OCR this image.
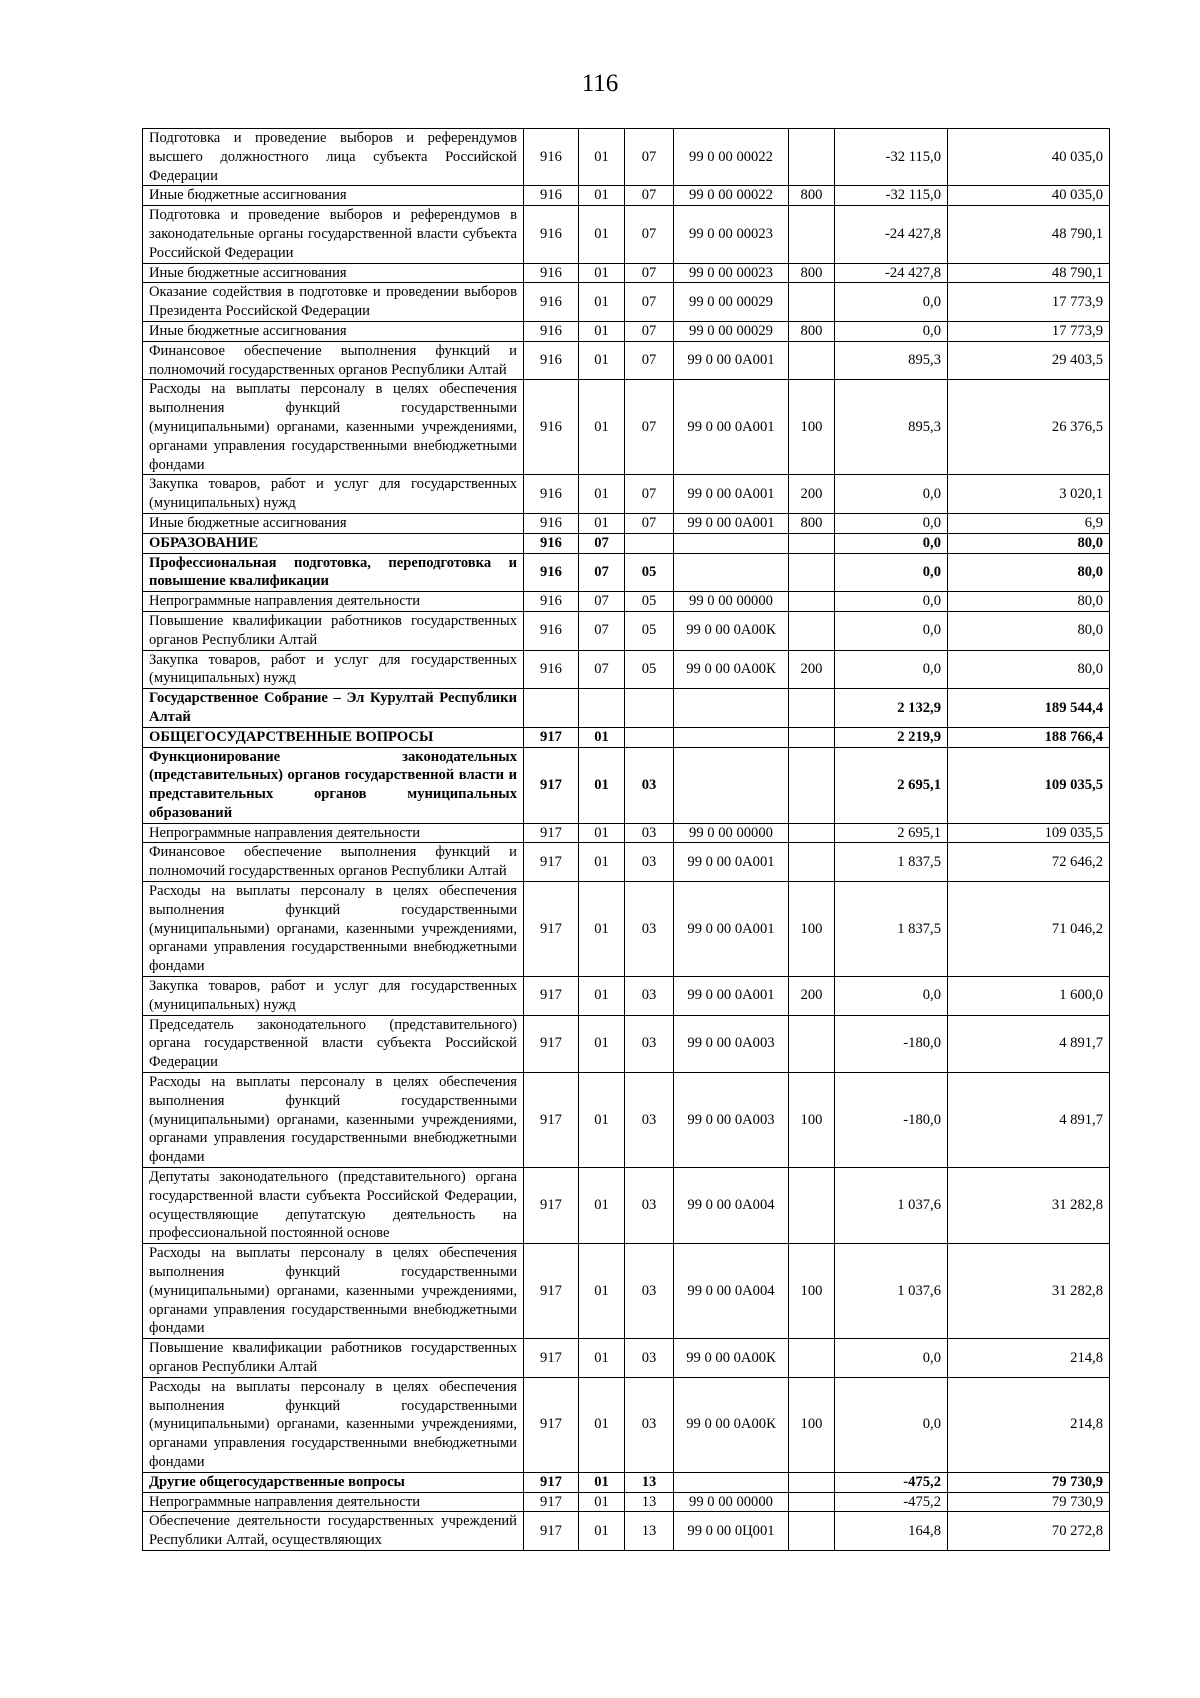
116
Подготовка и проведение выборов и референдумов высшего должностного лица субъекта Российской Федерации	916	01	07	99 0 00 00022		-32 115,0	40 035,0
Иные бюджетные ассигнования	916	01	07	99 0 00 00022	800	-32 115,0	40 035,0
Подготовка и проведение выборов и референдумов в законодательные органы государственной власти субъекта Российской Федерации	916	01	07	99 0 00 00023		-24 427,8	48 790,1
Иные бюджетные ассигнования	916	01	07	99 0 00 00023	800	-24 427,8	48 790,1
Оказание содействия в подготовке и проведении выборов Президента Российской Федерации	916	01	07	99 0 00 00029		0,0	17 773,9
Иные бюджетные ассигнования	916	01	07	99 0 00 00029	800	0,0	17 773,9
Финансовое обеспечение выполнения функций и полномочий государственных органов Республики Алтай	916	01	07	99 0 00 0А001		895,3	29 403,5
Расходы на выплаты персоналу в целях обеспечения выполнения функций государственными (муниципальными) органами, казенными учреждениями, органами управления государственными внебюджетными фондами	916	01	07	99 0 00 0А001	100	895,3	26 376,5
Закупка товаров, работ и услуг для государственных (муниципальных) нужд	916	01	07	99 0 00 0А001	200	0,0	3 020,1
Иные бюджетные ассигнования	916	01	07	99 0 00 0А001	800	0,0	6,9
ОБРАЗОВАНИЕ	916	07				0,0	80,0
Профессиональная подготовка, переподготовка и повышение квалификации	916	07	05			0,0	80,0
Непрограммные направления деятельности	916	07	05	99 0 00 00000		0,0	80,0
Повышение квалификации работников государственных органов Республики Алтай	916	07	05	99 0 00 0А00К		0,0	80,0
Закупка товаров, работ и услуг для государственных (муниципальных) нужд	916	07	05	99 0 00 0А00К	200	0,0	80,0
Государственное Собрание – Эл Курултай Республики Алтай						2 132,9	189 544,4
ОБЩЕГОСУДАРСТВЕННЫЕ ВОПРОСЫ	917	01				2 219,9	188 766,4
Функционирование законодательных (представительных) органов государственной власти и представительных органов муниципальных образований	917	01	03			2 695,1	109 035,5
Непрограммные направления деятельности	917	01	03	99 0 00 00000		2 695,1	109 035,5
Финансовое обеспечение выполнения функций и полномочий государственных органов Республики Алтай	917	01	03	99 0 00 0А001		1 837,5	72 646,2
Расходы на выплаты персоналу в целях обеспечения выполнения функций государственными (муниципальными) органами, казенными учреждениями, органами управления государственными внебюджетными фондами	917	01	03	99 0 00 0А001	100	1 837,5	71 046,2
Закупка товаров, работ и услуг для государственных (муниципальных) нужд	917	01	03	99 0 00 0А001	200	0,0	1 600,0
Председатель законодательного (представительного) органа государственной власти субъекта Российской Федерации	917	01	03	99 0 00 0А003		-180,0	4 891,7
Расходы на выплаты персоналу в целях обеспечения выполнения функций государственными (муниципальными) органами, казенными учреждениями, органами управления государственными внебюджетными фондами	917	01	03	99 0 00 0А003	100	-180,0	4 891,7
Депутаты законодательного (представительного) органа государственной власти субъекта Российской Федерации, осуществляющие депутатскую деятельность на профессиональной постоянной основе	917	01	03	99 0 00 0А004		1 037,6	31 282,8
Расходы на выплаты персоналу в целях обеспечения выполнения функций государственными (муниципальными) органами, казенными учреждениями, органами управления государственными внебюджетными фондами	917	01	03	99 0 00 0А004	100	1 037,6	31 282,8
Повышение квалификации работников государственных органов Республики Алтай	917	01	03	99 0 00 0А00К		0,0	214,8
Расходы на выплаты персоналу в целях обеспечения выполнения функций государственными (муниципальными) органами, казенными учреждениями, органами управления государственными внебюджетными фондами	917	01	03	99 0 00 0А00К	100	0,0	214,8
Другие общегосударственные вопросы	917	01	13			-475,2	79 730,9
Непрограммные направления деятельности	917	01	13	99 0 00 00000		-475,2	79 730,9
Обеспечение деятельности государственных учреждений Республики Алтай, осуществляющих	917	01	13	99 0 00 0Ц001		164,8	70 272,8
